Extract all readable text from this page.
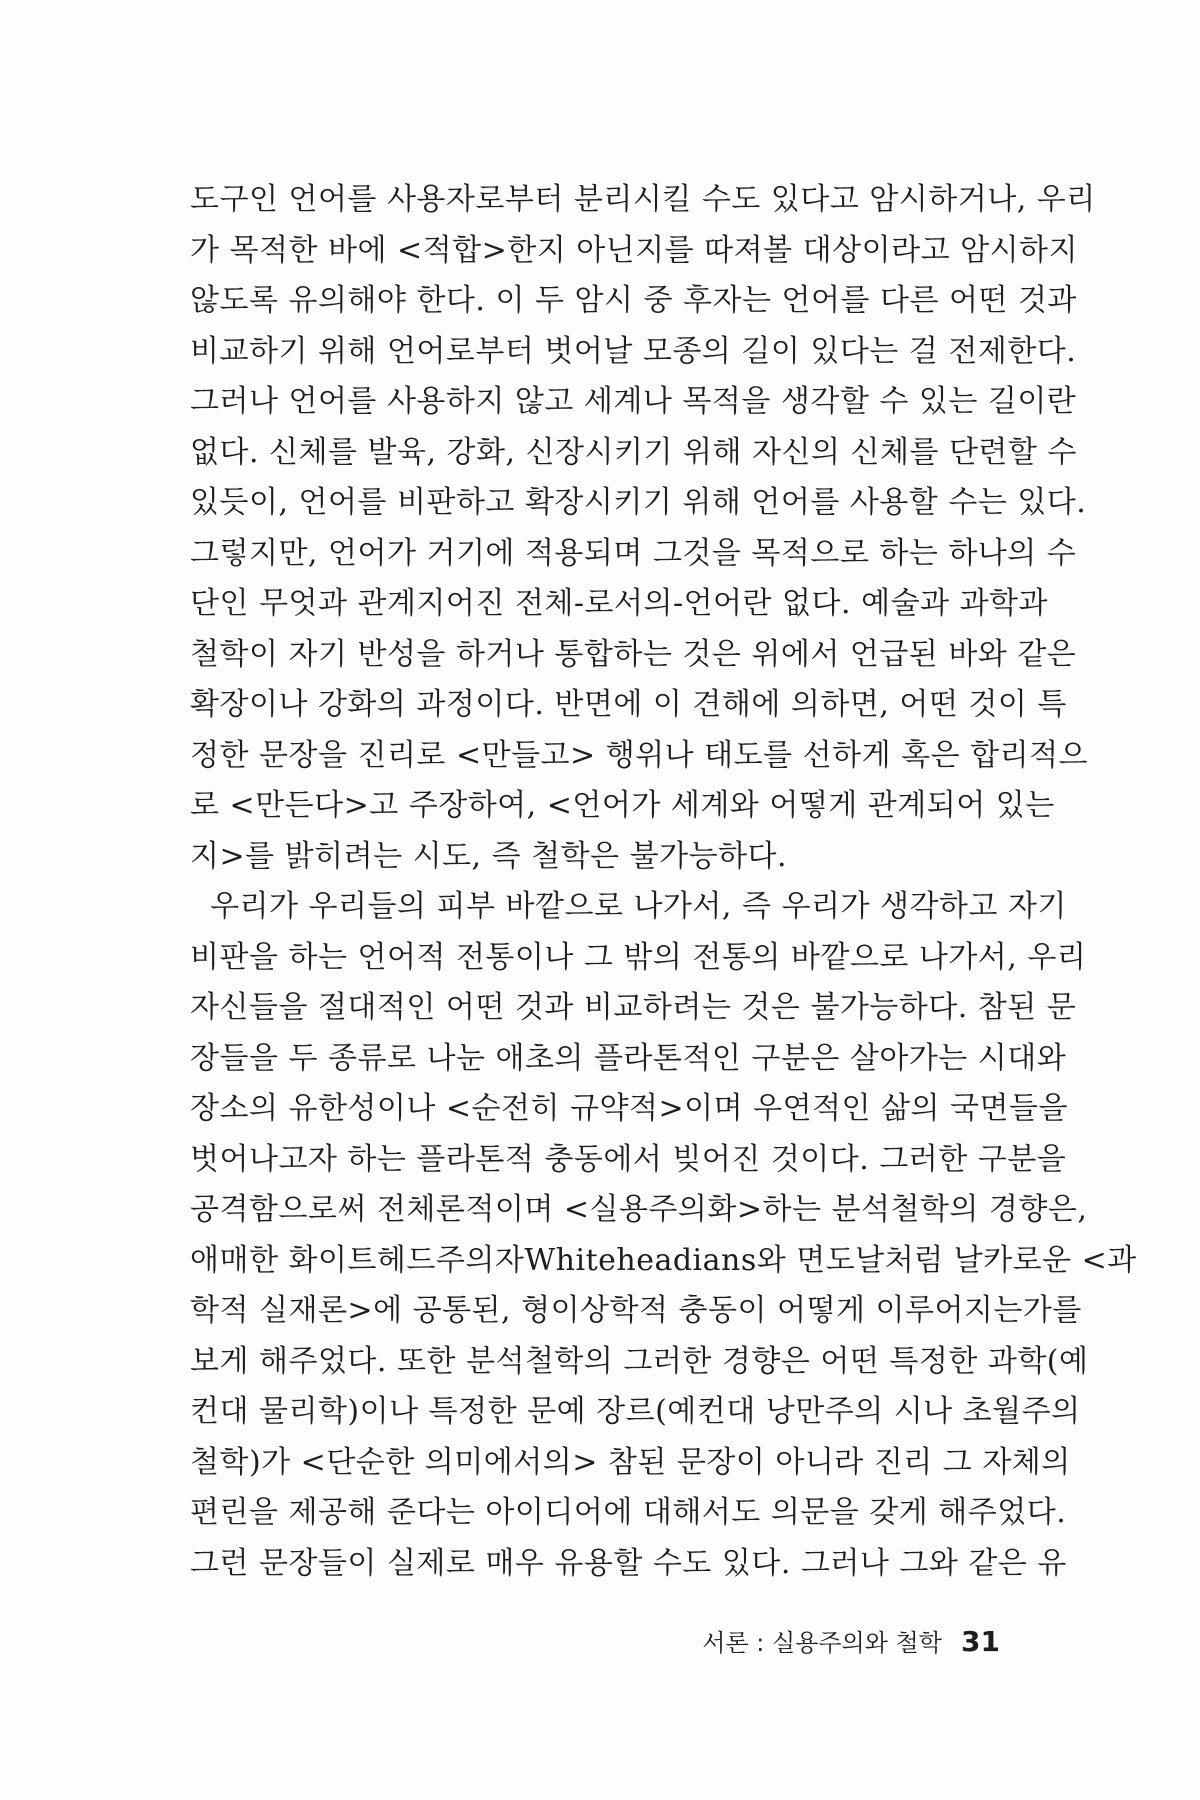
도구인 언어를 사용자로부터 분리시킬 수도 있다고 암시하거나, 우리
가 목적한 바에 <적합>한지 아닌지를 따져볼 대상이라고 암시하지
않도록 유의해야 한다. 이 두 암시 중 후자는 언어를 다른 어떤 것과
비교하기 위해 언어로부터 벗어날 모종의 길이 있다는 걸 전제한다.
그러나 언어를 사용하지 않고 세계나 목적을 생각할 수 있는 길이란
없다. 신체를 발육, 강화, 신장시키기 위해 자신의 신체를 단련할 수
있듯이, 언어를 비판하고 확장시키기 위해 언어를 사용할 수는 있다.
그렇지만, 언어가 거기에 적용되며 그것을 목적으로 하는 하나의 수
단인 무엇과 관계지어진 전체-로서의-언어란 없다. 예술과 과학과
철학이 자기 반성을 하거나 통합하는 것은 위에서 언급된 바와 같은
확장이나 강화의 과정이다. 반면에 이 견해에 의하면, 어떤 것이 특
정한 문장을 진리로 <만들고> 행위나 태도를 선하게 혹은 합리적으
로 <만든다>고 주장하여, <언어가 세계와 어떻게 관계되어 있는
지>를 밝히려는 시도, 즉 철학은 불가능하다.
우리가 우리들의 피부 바깥으로 나가서, 즉 우리가 생각하고 자기
비판을 하는 언어적 전통이나 그 밖의 전통의 바깥으로 나가서, 우리
자신들을 절대적인 어떤 것과 비교하려는 것은 불가능하다. 참된 문
장들을 두 종류로 나눈 애초의 플라톤적인 구분은 살아가는 시대와
장소의 유한성이나 <순전히 규약적>이며 우연적인 삶의 국면들을
벗어나고자 하는 플라톤적 충동에서 빚어진 것이다. 그러한 구분을
공격함으로써 전체론적이며 <실용주의화>하는 분석철학의 경향은,
애매한 화이트헤드주의자Whiteheadians와 면도날처럼 날카로운 <과
학적 실재론>에 공통된, 형이상학적 충동이 어떻게 이루어지는가를
보게 해주었다. 또한 분석철학의 그러한 경향은 어떤 특정한 과학(예
컨대 물리학)이나 특정한 문예 장르(예컨대 낭만주의 시나 초월주의
철학)가 <단순한 의미에서의> 참된 문장이 아니라 진리 그 자체의
편린을 제공해 준다는 아이디어에 대해서도 의문을 갖게 해주었다.
그런 문장들이 실제로 매우 유용할 수도 있다. 그러나 그와 같은 유
서론 : 실용주의와 철학 31
